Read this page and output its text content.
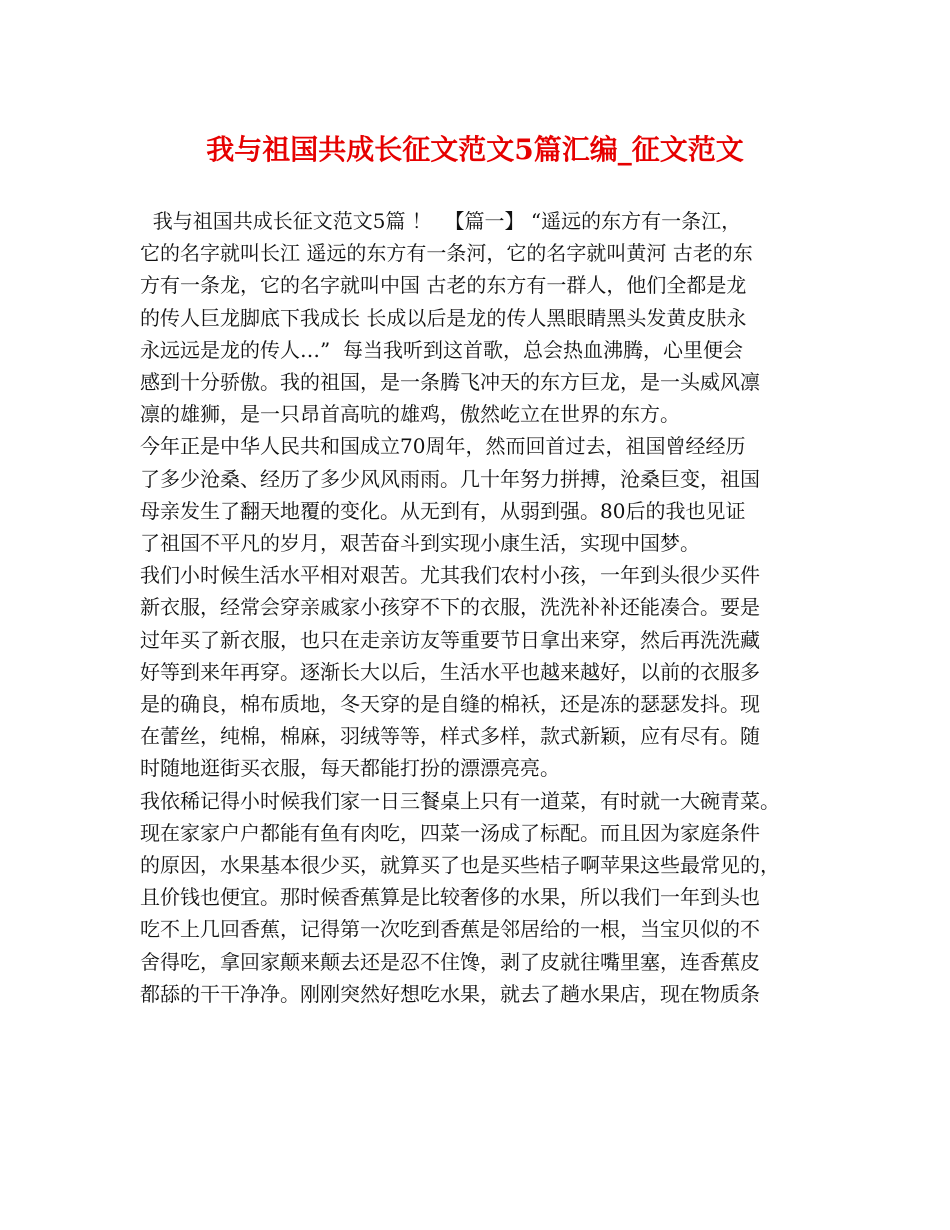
我与祖国共成长征文范文5篇汇编_征文范文
我与祖国共成长征文范文5篇 ！  【篇一】 “遥远的东方有一条江，
它的名字就叫长江 遥远的东方有一条河，它的名字就叫黄河 古老的东
方有一条龙，它的名字就叫中国 古老的东方有一群人，他们全都是龙
的传人巨龙脚底下我成长 长成以后是龙的传人黑眼睛黑头发黄皮肤永
永远远是龙的传人…”  每当我听到这首歌，总会热血沸腾，心里便会
感到十分骄傲。我的祖国，是一条腾飞冲天的东方巨龙，是一头威风凛
凛的雄狮，是一只昂首高吭的雄鸡，傲然屹立在世界的东方。
今年正是中华人民共和国成立70周年，然而回首过去，祖国曾经经历
了多少沧桑、经历了多少风风雨雨。几十年努力拼搏，沧桑巨变，祖国
母亲发生了翻天地覆的变化。从无到有，从弱到强。80后的我也见证
了祖国不平凡的岁月，艰苦奋斗到实现小康生活，实现中国梦。
我们小时候生活水平相对艰苦。尤其我们农村小孩，一年到头很少买件
新衣服，经常会穿亲戚家小孩穿不下的衣服，洗洗补补还能凑合。要是
过年买了新衣服，也只在走亲访友等重要节日拿出来穿，然后再洗洗藏
好等到来年再穿。逐渐长大以后，生活水平也越来越好，以前的衣服多
是的确良，棉布质地，冬天穿的是自缝的棉袄，还是冻的瑟瑟发抖。现
在蕾丝，纯棉，棉麻，羽绒等等，样式多样，款式新颖，应有尽有。随
时随地逛街买衣服，每天都能打扮的漂漂亮亮。
我依稀记得小时候我们家一日三餐桌上只有一道菜，有时就一大碗青菜。
现在家家户户都能有鱼有肉吃，四菜一汤成了标配。而且因为家庭条件
的原因，水果基本很少买，就算买了也是买些桔子啊苹果这些最常见的，
且价钱也便宜。那时候香蕉算是比较奢侈的水果，所以我们一年到头也
吃不上几回香蕉，记得第一次吃到香蕉是邻居给的一根，当宝贝似的不
舍得吃，拿回家颠来颠去还是忍不住馋，剥了皮就往嘴里塞，连香蕉皮
都舔的干干净净。刚刚突然好想吃水果，就去了趟水果店，现在物质条
